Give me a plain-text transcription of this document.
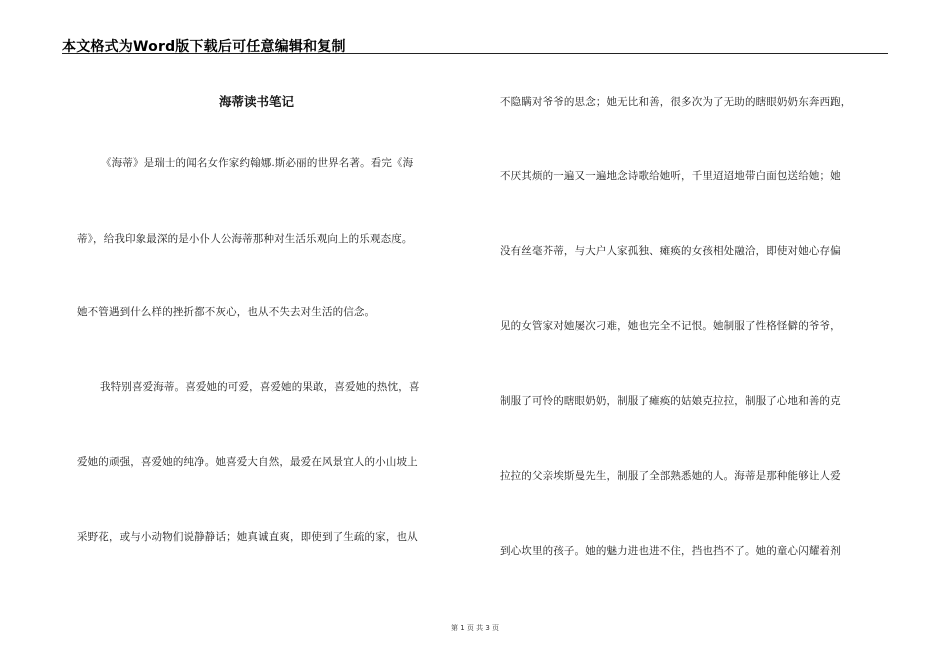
本文格式为Word版下载后可任意编辑和复制
海蒂读书笔记
《海蒂》是瑞士的闻名女作家约翰娜.斯必丽的世界名著。看完《海
蒂》，给我印象最深的是小仆人公海蒂那种对生活乐观向上的乐观态度。
她不管遇到什么样的挫折都不灰心，也从不失去对生活的信念。
我特别喜爱海蒂。喜爱她的可爱，喜爱她的果敢，喜爱她的热忱，喜
爱她的顽强，喜爱她的纯净。她喜爱大自然，最爱在风景宜人的小山坡上
采野花，或与小动物们说静静话；她真诚直爽，即使到了生疏的家，也从
不隐瞒对爷爷的思念；她无比和善，很多次为了无助的瞎眼奶奶东奔西跑，
不厌其烦的一遍又一遍地念诗歌给她听，千里迢迢地带白面包送给她；她
没有丝毫芥蒂，与大户人家孤独、瘫痪的女孩相处融洽，即使对她心存偏
见的女管家对她屡次刁难，她也完全不记恨。她制服了性格怪僻的爷爷，
制服了可怜的瞎眼奶奶，制服了瘫痪的姑娘克拉拉，制服了心地和善的克
拉拉的父亲埃斯曼先生，制服了全部熟悉她的人。海蒂是那种能够让人爱
到心坎里的孩子。她的魅力进也进不住，挡也挡不了。她的童心闪耀着剂
第 1 页 共 3 页
